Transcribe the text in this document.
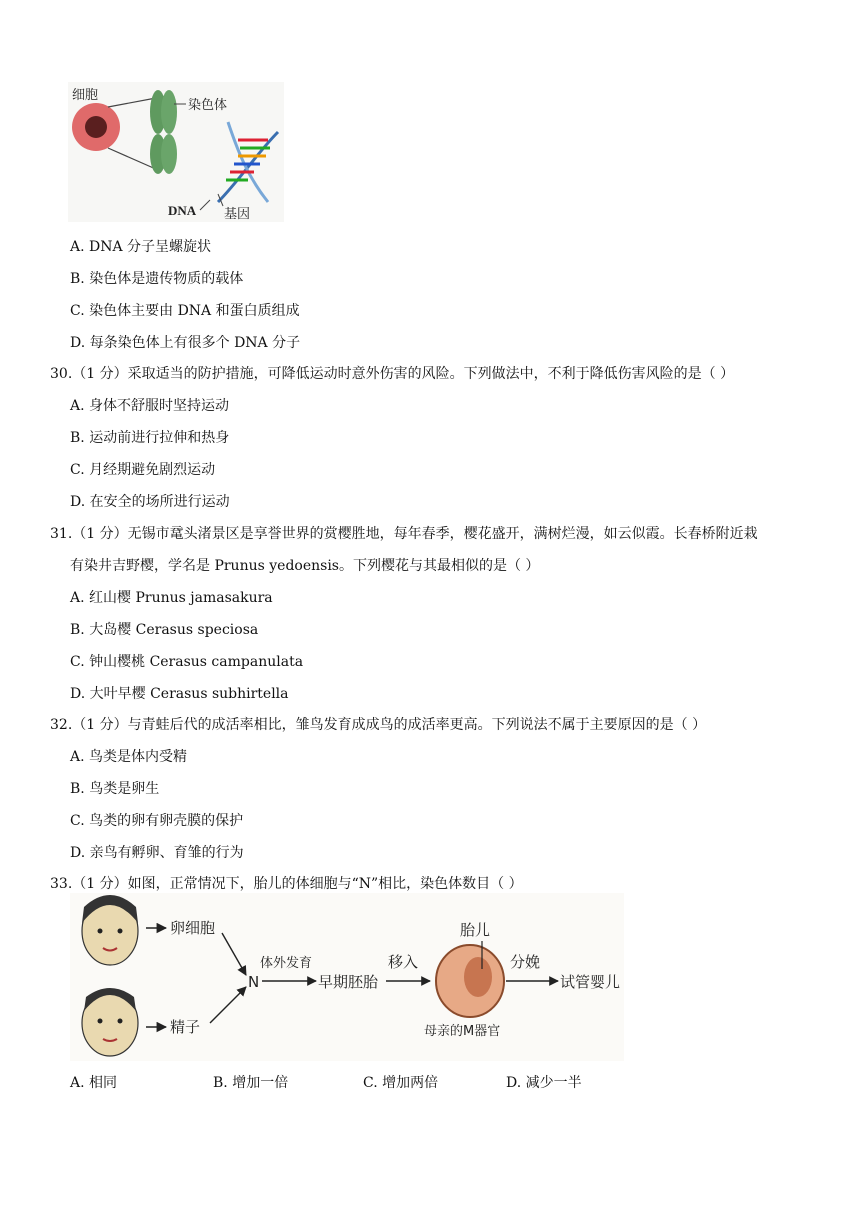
细胞
染色体
DNA 基因
A. DNA 分子呈螺旋状
B. 染色体是遗传物质的载体
C. 染色体主要由 DNA 和蛋白质组成
D. 每条染色体上有很多个 DNA 分子
30.（1 分）采取适当的防护措施，可降低运动时意外伤害的风险。下列做法中，不利于降低伤害风险的是（ ）
A. 身体不舒服时坚持运动
B. 运动前进行拉伸和热身
C. 月经期避免剧烈运动
D. 在安全的场所进行运动
31.（1 分）无锡市鼋头渚景区是享誉世界的赏樱胜地，每年春季，樱花盛开，满树烂漫，如云似霞。长春桥附近栽
有染井吉野樱，学名是 Prunus yedoensis。下列樱花与其最相似的是（ ）
A. 红山樱 Prunus jamasakura
B. 大岛樱 Cerasus speciosa
C. 钟山樱桃 Cerasus campanulata
D. 大叶早樱 Cerasus subhirtella
32.（1 分）与青蛙后代的成活率相比，雏鸟发育成成鸟的成活率更高。下列说法不属于主要原因的是（ ）
A. 鸟类是体内受精
B. 鸟类是卵生
C. 鸟类的卵有卵壳膜的保护
D. 亲鸟有孵卵、育雏的行为
33.（1 分）如图，正常情况下，胎儿的体细胞与“N”相比，染色体数目（ ）
卵细胞
精子
N
体外发育
早期胚胎
移入
胎儿
母亲的M器官
分娩
试管婴儿
A. 相同	B. 增加一倍	C. 增加两倍	D. 减少一半
